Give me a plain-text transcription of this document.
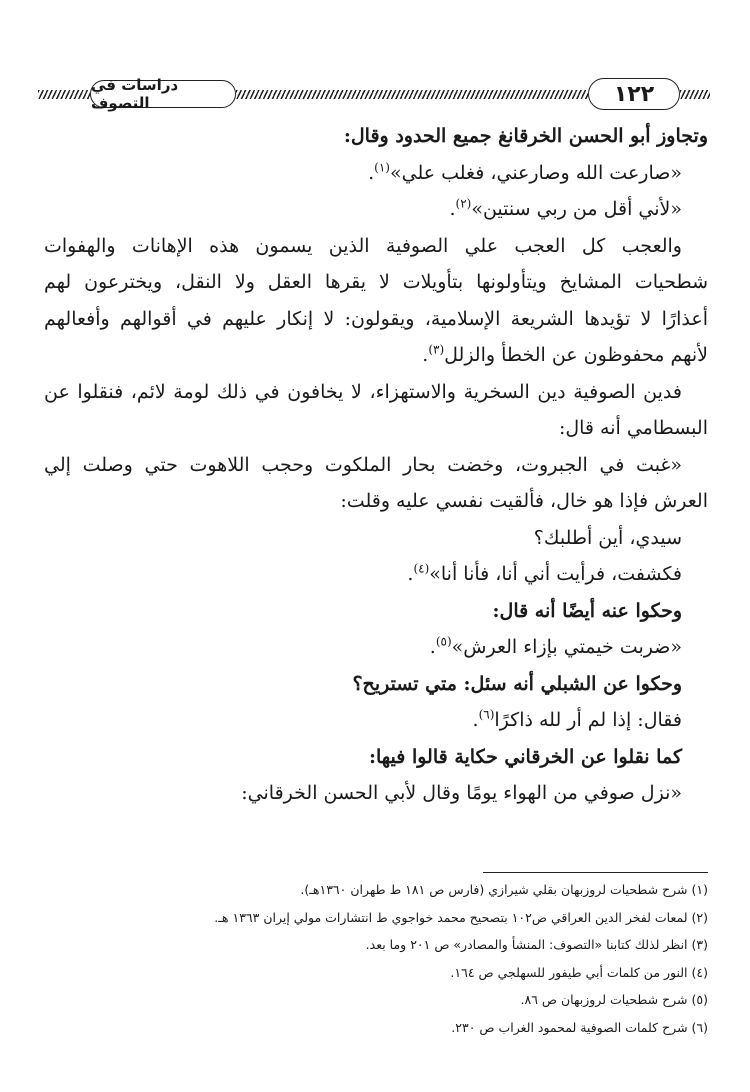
دراسات في التصوف	١٢٢
وتجاوز أبو الحسن الخرقانغ جميع الحدود وقال:
«صارعت الله وصارعني، فغلب علي»$^{(١)}$.
«لأني أقل من ربي سنتين»$^{(٢)}$.
والعجب كل العجب علي الصوفية الذين يسمون هذه الإهانات والهفوات
شطحيات المشايخ ويتأولونها بتأويلات لا يقرها العقل ولا النقل، ويخترعون لهم
أعذارًا لا تؤيدها الشريعة الإسلامية، ويقولون: لا إنكار عليهم في أقوالهم وأفعالهم
لأنهم محفوظون عن الخطأ والزلل$^{(٣)}$.
فدين الصوفية دين السخرية والاستهزاء، لا يخافون في ذلك لومة لائم، فنقلوا عن
البسطامي أنه قال:
«غبت في الجبروت، وخضت بحار الملكوت وحجب اللاهوت حتي وصلت إلي
العرش فإذا هو خال، فألقيت نفسي عليه وقلت:
سيدي، أين أطلبك؟
فكشفت، فرأيت أني أنا، فأنا أنا»$^{(٤)}$.
وحكوا عنه أيضًا أنه قال:
«ضربت خيمتي بإزاء العرش»$^{(٥)}$.
وحكوا عن الشبلي أنه سئل: متي تستريح؟
فقال: إذا لم أر لله ذاكرًا$^{(٦)}$.
كما نقلوا عن الخرقاني حكاية قالوا فيها:
«نزل صوفي من الهواء يومًا وقال لأبي الحسن الخرقاني:
(١) شرح شطحيات لروزبهان بقلي شيرازي (فارس ص ١٨١ ط طهران ١٣٦٠هـ).
(٢) لمعات لفخر الدين العراقي ص١٠٢ بتصحيح محمد خواجوي ط انتشارات مولي إيران ١٣٦٣ هـ.
(٣) انظر لذلك كتابنا «التصوف: المنشأ والمصادر» ص ٢٠١ وما بعد.
(٤) النور من كلمات أبي طيفور للسهلجي ص ١٦٤.
(٥) شرح شطحيات لروزبهان ص ٨٦.
(٦) شرح كلمات الصوفية لمحمود الغراب ص ٢٣٠.
